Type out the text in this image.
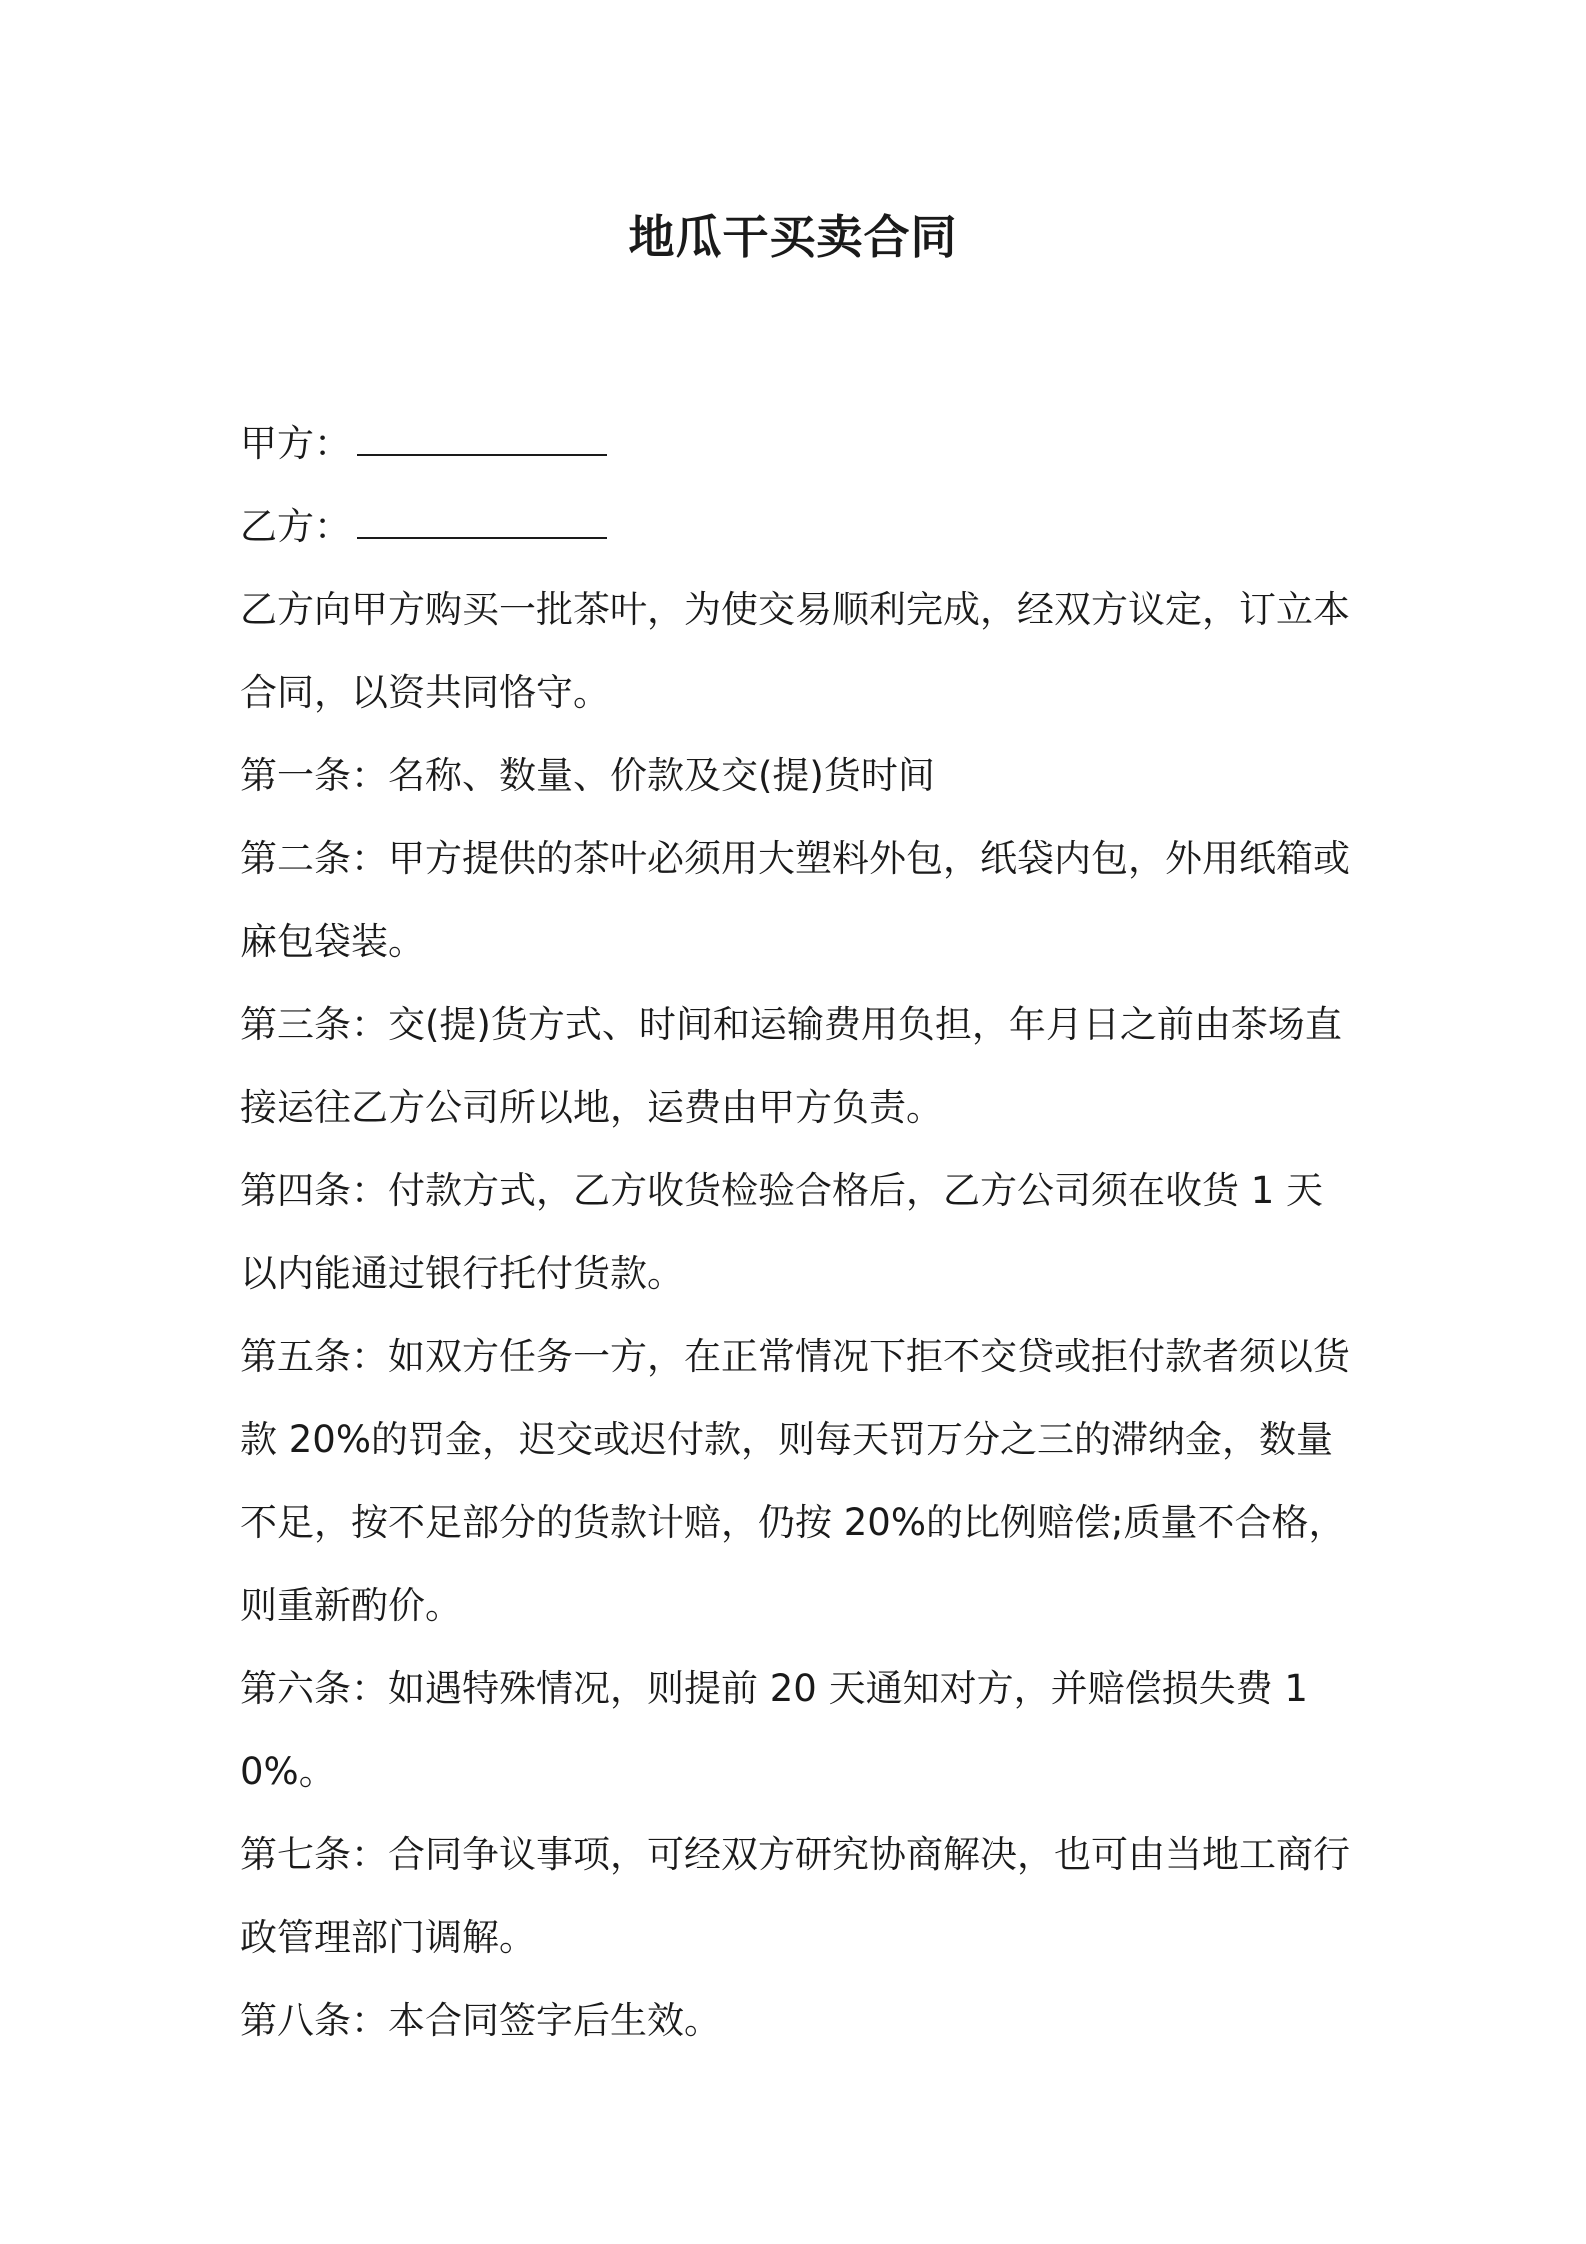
地瓜干买卖合同

甲方：

乙方：

乙方向甲方购买一批茶叶，为使交易顺利完成，经双方议定，订立本合同，以资共同恪守。

第一条：名称、数量、价款及交(提)货时间

第二条：甲方提供的茶叶必须用大塑料外包，纸袋内包，外用纸箱或麻包袋装。

第三条：交(提)货方式、时间和运输费用负担，年月日之前由茶场直接运往乙方公司所以地，运费由甲方负责。

第四条：付款方式，乙方收货检验合格后，乙方公司须在收货 1 天以内能通过银行托付货款。

第五条：如双方任务一方，在正常情况下拒不交贷或拒付款者须以货款 20%的罚金，迟交或迟付款，则每天罚万分之三的滞纳金，数量不足，按不足部分的货款计赔，仍按 20%的比例赔偿;质量不合格，则重新酌价。

第六条：如遇特殊情况，则提前 20 天通知对方，并赔偿损失费 10%。

第七条：合同争议事项，可经双方研究协商解决，也可由当地工商行政管理部门调解。

第八条：本合同签字后生效。
